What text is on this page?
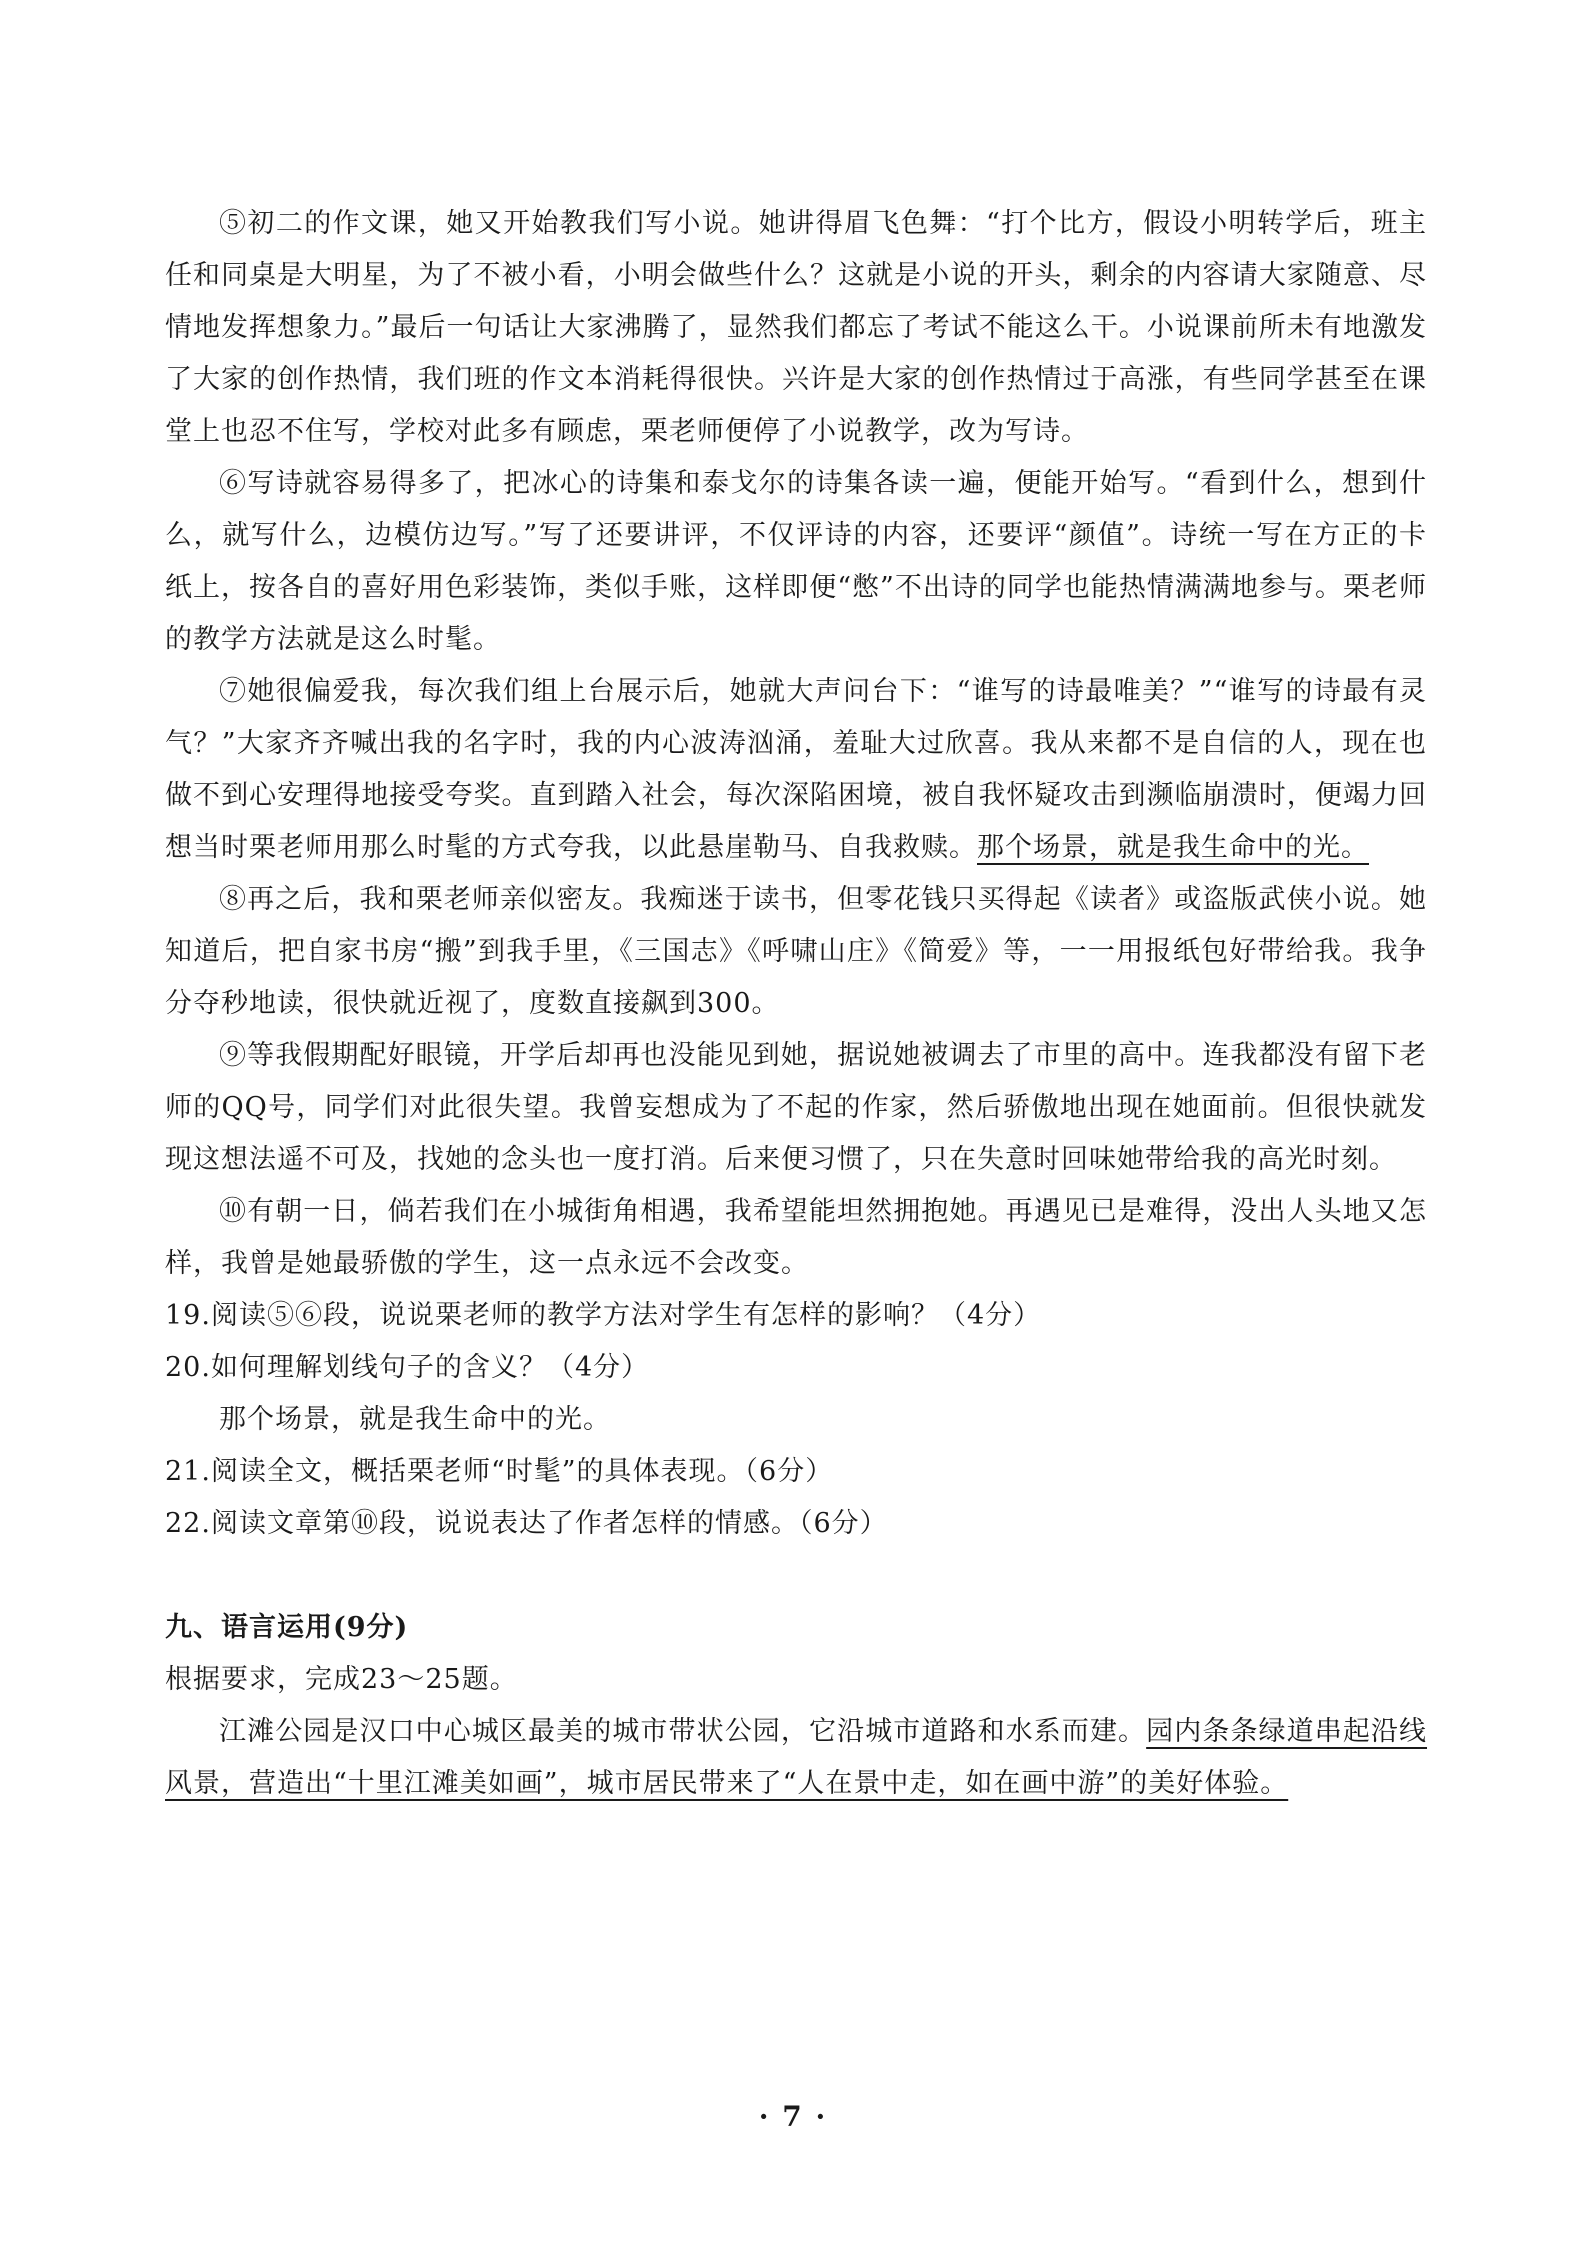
⑤初二的作文课，她又开始教我们写小说。她讲得眉飞色舞：“打个比方，假设小明转学后，班主任和同桌是大明星，为了不被小看，小明会做些什么？这就是小说的开头，剩余的内容请大家随意、尽情地发挥想象力。”最后一句话让大家沸腾了，显然我们都忘了考试不能这么干。小说课前所未有地激发了大家的创作热情，我们班的作文本消耗得很快。兴许是大家的创作热情过于高涨，有些同学甚至在课堂上也忍不住写，学校对此多有顾虑，栗老师便停了小说教学，改为写诗。

⑥写诗就容易得多了，把冰心的诗集和泰戈尔的诗集各读一遍，便能开始写。“看到什么，想到什么，就写什么，边模仿边写。”写了还要讲评，不仅评诗的内容，还要评“颜值”。诗统一写在方正的卡纸上，按各自的喜好用色彩装饰，类似手账，这样即便“憋”不出诗的同学也能热情满满地参与。栗老师的教学方法就是这么时髦。

⑦她很偏爱我，每次我们组上台展示后，她就大声问台下：“谁写的诗最唯美？”“谁写的诗最有灵气？”大家齐齐喊出我的名字时，我的内心波涛汹涌，羞耻大过欣喜。我从来都不是自信的人，现在也做不到心安理得地接受夸奖。直到踏入社会，每次深陷困境，被自我怀疑攻击到濒临崩溃时，便竭力回想当时栗老师用那么时髦的方式夸我，以此悬崖勒马、自我救赎。那个场景，就是我生命中的光。

⑧再之后，我和栗老师亲似密友。我痴迷于读书，但零花钱只买得起《读者》或盗版武侠小说。她知道后，把自家书房“搬”到我手里，《三国志》《呼啸山庄》《简爱》等，一一用报纸包好带给我。我争分夺秒地读，很快就近视了，度数直接飙到300。

⑨等我假期配好眼镜，开学后却再也没能见到她，据说她被调去了市里的高中。连我都没有留下老师的QQ号，同学们对此很失望。我曾妄想成为了不起的作家，然后骄傲地出现在她面前。但很快就发现这想法遥不可及，找她的念头也一度打消。后来便习惯了，只在失意时回味她带给我的高光时刻。

⑩有朝一日，倘若我们在小城街角相遇，我希望能坦然拥抱她。再遇见已是难得，没出人头地又怎样，我曾是她最骄傲的学生，这一点永远不会改变。

19.阅读⑤⑥段，说说栗老师的教学方法对学生有怎样的影响？（4分）

20.如何理解划线句子的含义？（4分）

那个场景，就是我生命中的光。

21.阅读全文，概括栗老师“时髦”的具体表现。（6分）

22.阅读文章第⑩段，说说表达了作者怎样的情感。（6分）

九、语言运用(9分)

根据要求，完成23～25题。

江滩公园是汉口中心城区最美的城市带状公园，它沿城市道路和水系而建。园内条条绿道串起沿线风景，营造出“十里江滩美如画”，城市居民带来了“人在景中走，如在画中游”的美好体验。

· 7 ·
